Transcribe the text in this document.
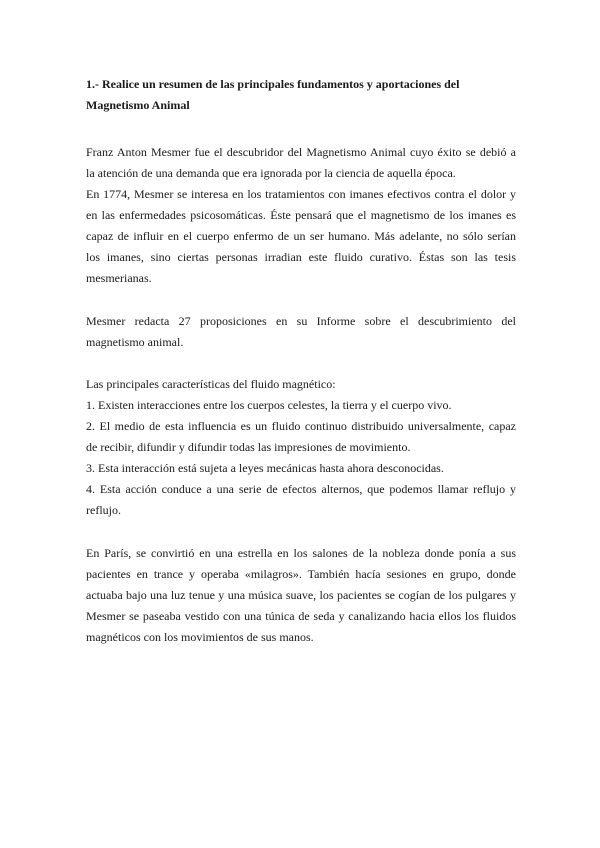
1.- Realice un resumen de las principales fundamentos y aportaciones del
Magnetismo Animal
Franz Anton Mesmer fue el descubridor del Magnetismo Animal cuyo éxito se debió a
la atención de una demanda que era ignorada por la ciencia de aquella época.
En 1774, Mesmer se interesa en los tratamientos con imanes efectivos contra el dolor y
en las enfermedades psicosomáticas. Éste pensará que el magnetismo de los imanes es
capaz de influir en el cuerpo enfermo de un ser humano. Más adelante, no sólo serían
los imanes, sino ciertas personas irradian este fluido curativo. Éstas son las tesis
mesmerianas.
Mesmer redacta 27 proposiciones en su Informe sobre el descubrimiento del
magnetismo animal.
Las principales características del fluido magnético:
1. Existen interacciones entre los cuerpos celestes, la tierra y el cuerpo vivo.
2. El medio de esta influencia es un fluido continuo distribuido universalmente, capaz
de recibir, difundir y difundir todas las impresiones de movimiento.
3. Esta interacción está sujeta a leyes mecánicas hasta ahora desconocidas.
4. Esta acción conduce a una serie de efectos alternos, que podemos llamar reflujo y
reflujo.
En París, se convirtió en una estrella en los salones de la nobleza donde ponía a sus
pacientes en trance y operaba «milagros». También hacía sesiones en grupo, donde
actuaba bajo una luz tenue y una música suave, los pacientes se cogían de los pulgares y
Mesmer se paseaba vestido con una túnica de seda y canalizando hacia ellos los fluidos
magnéticos con los movimientos de sus manos.
